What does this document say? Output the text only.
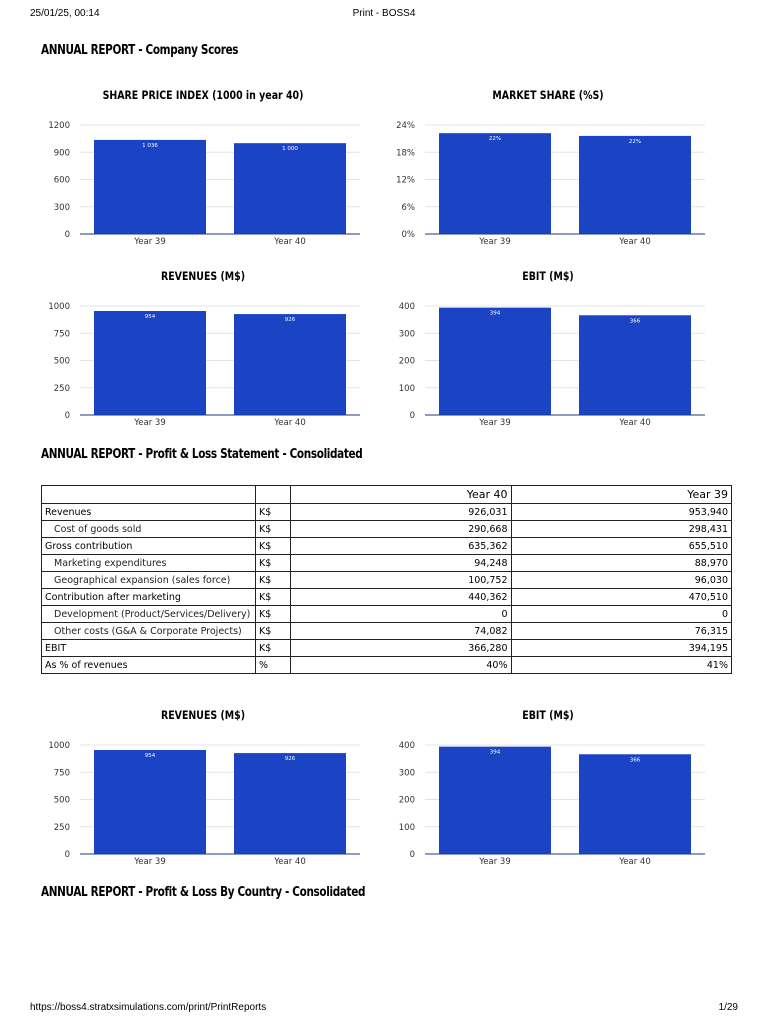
25/01/25, 00:14	Print - BOSS4
ANNUAL REPORT - Company Scores
SHARE PRICE INDEX (1000 in year 40)
0
300
600
900
1200
1 036
Year 39
1 000
Year 40
MARKET SHARE (%S)
0%
6%
12%
18%
24%
22%
Year 39
22%
Year 40
REVENUES (M$)
0
250
500
750
1000
954
Year 39
926
Year 40
EBIT (M$)
0
100
200
300
400
394
Year 39
366
Year 40
ANNUAL REPORT - Profit & Loss Statement - Consolidated
		Year 40	Year 39
Revenues	K$	926,031	953,940
Cost of goods sold	K$	290,668	298,431
Gross contribution	K$	635,362	655,510
Marketing expenditures	K$	94,248	88,970
Geographical expansion (sales force)	K$	100,752	96,030
Contribution after marketing	K$	440,362	470,510
Development (Product/Services/Delivery)	K$	0	0
Other costs (G&A & Corporate Projects)	K$	74,082	76,315
EBIT	K$	366,280	394,195
As % of revenues	%	40%	41%
REVENUES (M$)
0
250
500
750
1000
954
Year 39
926
Year 40
EBIT (M$)
0
100
200
300
400
394
Year 39
366
Year 40
ANNUAL REPORT - Profit & Loss By Country - Consolidated
https://boss4.stratxsimulations.com/print/PrintReports	1/29
